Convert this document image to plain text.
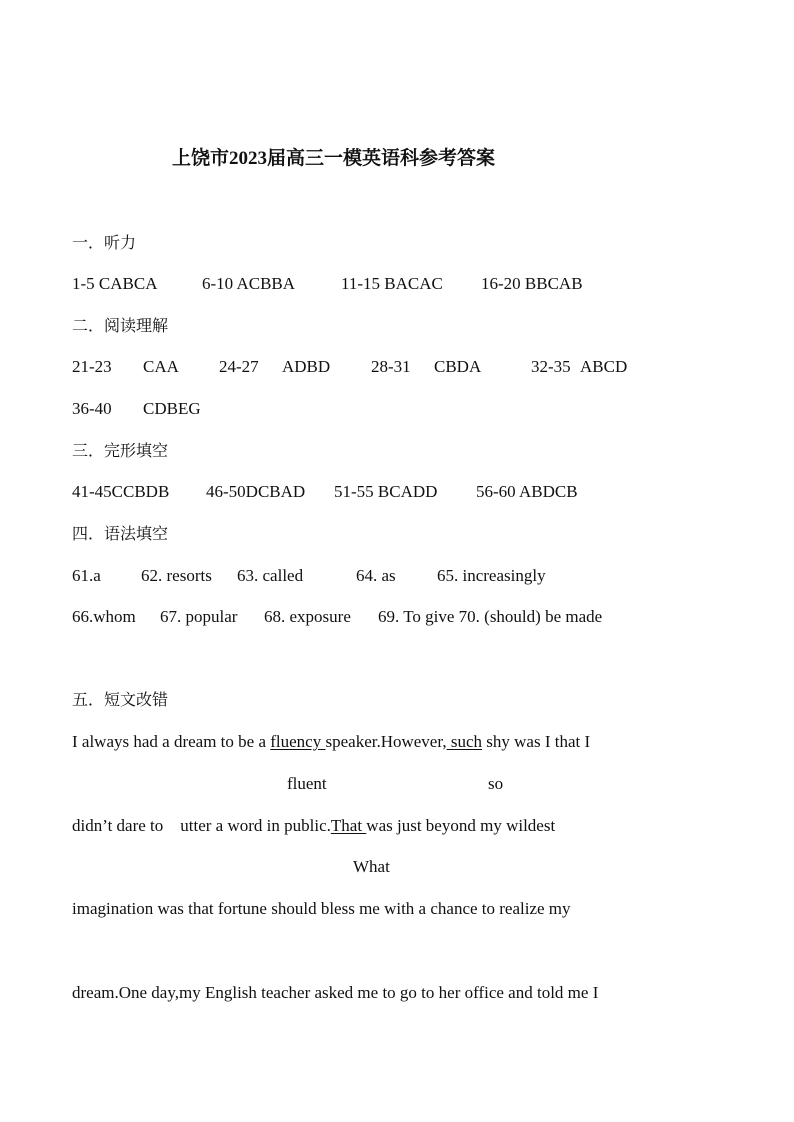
上饶市2023届高三一模英语科参考答案
一．听力
1-5 CABCA	6-10 ACBBA	11-15 BACAC 16-20 BBCAB
二．阅读理解
21-23 CAA 24-27 ADBD 28-31 CBDA	32-35 ABCD
36-40 CDBEG
三．完形填空
41-45CCBDB 46-50DCBAD 51-55 BCADD 56-60 ABDCB
四．语法填空
61.a 62. resorts 63. called	64. as 65. increasingly
66.whom 67. popular 68. exposure 69. To give 70. (should) be made
五．短文改错
I always had a dream to be a fluency speaker.However, such shy was I that I
fluent	so
didn’t dare to    utter a word in public.That was just beyond my wildest
What
imagination was that fortune should bless me with a chance to realize my
dream.One day,my English teacher asked me to go to her office and told me I
